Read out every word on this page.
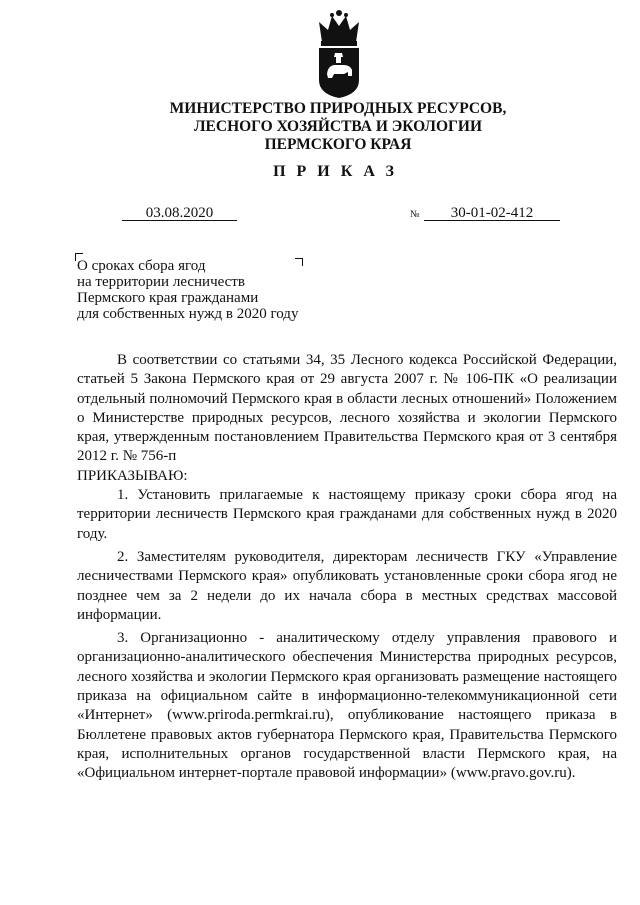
МИНИСТЕРСТВО ПРИРОДНЫХ РЕСУРСОВ,
ЛЕСНОГО ХОЗЯЙСТВА И ЭКОЛОГИИ
ПЕРМСКОГО КРАЯ
ПРИКАЗ
03.08.2020	№	30-01-02-412
О сроках сбора ягод
на территории лесничеств
Пермского края гражданами
для собственных нужд в 2020 году

В соответствии со статьями 34, 35 Лесного кодекса Российской Федерации, статьей 5 Закона Пермского края от 29 августа 2007 г. № 106-ПК «О реализации отдельный полномочий Пермского края в области лесных отношений» Положением о Министерстве природных ресурсов, лесного хозяйства и экологии Пермского края, утвержденным постановлением Правительства Пермского края от 3 сентября 2012 г. № 756-п

ПРИКАЗЫВАЮ:

1. Установить прилагаемые к настоящему приказу сроки сбора ягод на территории лесничеств Пермского края гражданами для собственных нужд в 2020 году.

2. Заместителям руководителя, директорам лесничеств ГКУ «Управление лесничествами Пермского края» опубликовать установленные сроки сбора ягод не позднее чем за 2 недели до их начала сбора в местных средствах массовой информации.

3. Организационно - аналитическому отделу управления правового и организационно-аналитического обеспечения Министерства природных ресурсов, лесного хозяйства и экологии Пермского края организовать размещение настоящего приказа на официальном сайте в информационно-телекоммуникационной сети «Интернет» (www.priroda.permkrai.ru), опубликование настоящего приказа в Бюллетене правовых актов губернатора Пермского края, Правительства Пермского края, исполнительных органов государственной власти Пермского края, на «Официальном интернет-портале правовой информации» (www.pravo.gov.ru).
